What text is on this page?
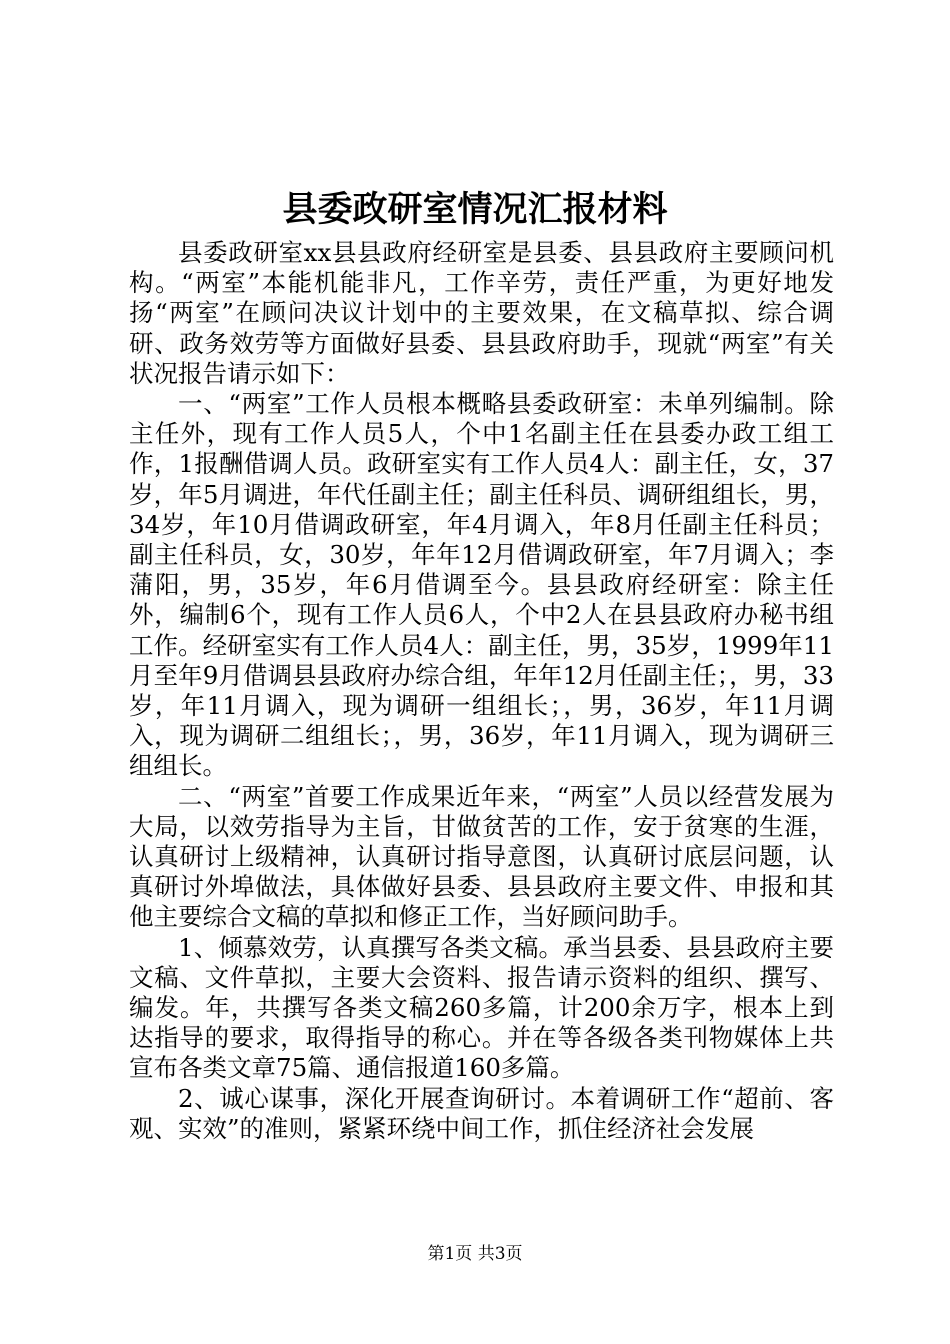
县委政研室情况汇报材料

县委政研室xx县县政府经研室是县委、县县政府主要顾问机构。“两室”本能机能非凡，工作辛劳，责任严重，为更好地发扬“两室”在顾问决议计划中的主要效果，在文稿草拟、综合调研、政务效劳等方面做好县委、县县政府助手，现就“两室”有关状况报告请示如下：

一、“两室”工作人员根本概略县委政研室：未单列编制。除主任外，现有工作人员5人，个中1名副主任在县委办政工组工作，1报酬借调人员。政研室实有工作人员4人：副主任，女，37岁，年5月调进，年代任副主任；副主任科员、调研组组长，男，34岁，年10月借调政研室，年4月调入，年8月任副主任科员；副主任科员，女，30岁，年年12月借调政研室，年7月调入；李蒲阳，男，35岁，年6月借调至今。县县政府经研室：除主任外，编制6个，现有工作人员6人，个中2人在县县政府办秘书组工作。经研室实有工作人员4人：副主任，男，35岁，1999年11月至年9月借调县县政府办综合组，年年12月任副主任；，男，33岁，年11月调入，现为调研一组组长；，男，36岁，年11月调入，现为调研二组组长；，男，36岁，年11月调入，现为调研三组组长。

二、“两室”首要工作成果近年来，“两室”人员以经营发展为大局，以效劳指导为主旨，甘做贫苦的工作，安于贫寒的生涯，认真研讨上级精神，认真研讨指导意图，认真研讨底层问题，认真研讨外埠做法，具体做好县委、县县政府主要文件、申报和其他主要综合文稿的草拟和修正工作，当好顾问助手。

1、倾慕效劳，认真撰写各类文稿。承当县委、县县政府主要文稿、文件草拟，主要大会资料、报告请示资料的组织、撰写、编发。年，共撰写各类文稿260多篇，计200余万字，根本上到达指导的要求，取得指导的称心。并在等各级各类刊物媒体上共宣布各类文章75篇、通信报道160多篇。

2、诚心谋事，深化开展查询研讨。本着调研工作“超前、客观、实效”的准则，紧紧环绕中间工作，抓住经济社会发展

第1页 共3页
